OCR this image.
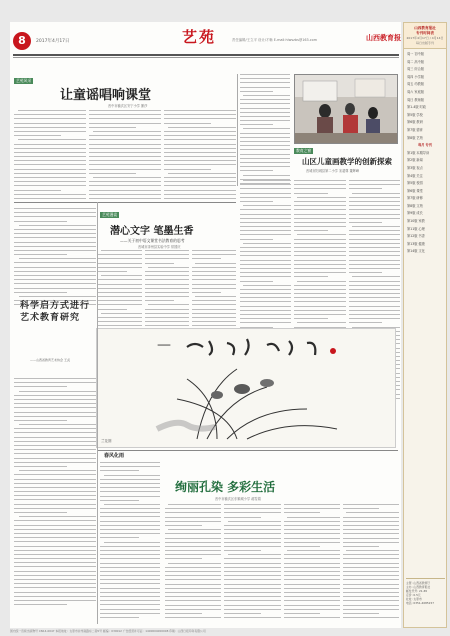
8	2017年4月17日	艺苑	责任编辑/王立平 设计/才畅 E-mail:hlwszbs@163.com	山西教育报
艺苑风采
让童谣唱响课堂
晋中市榆次区安宁小学 暴莎
教育之窗
山区儿童画教学的创新探索
晋城市阳城县第二小学 宋超尊 董辉峰
艺苑漫谈
潜心文字 笔墨生香
——关于初中语文课堂书法教育的思考
晋城市泽州县实验中学 常国庆
科学启方式进行艺术教育研究
——山西省教育艺术协会 王贞
—
兰花图
春风化雨
绚丽孔染 多彩生活
晋中市榆次区东顺城小学 郝雪娟
山西教育报社
专刊时间表
2017年4月17日 / 4月14日
每日出版专刊
周一 初中版
周二 高中版
周三 综合版
周四 小学版
周五 幼教版
周六 家庭版
周日 教师版
第1-4版 时政
第5版 学校
第6版 教研
第7版 德育
第8版 艺苑
每月 专刊
第1版 本期导读
第2版 新闻
第3版 视点
第4版 关注
第5版 校园
第6版 课堂
第7版 研修
第8版 文苑
第9版 成长
第10版 家教
第11版 心理
第12版 书香
第13版 健康
第14版 文化
主管: 山西省教育厅
主办: 山西教育报社
邮发代号: 21-65
定价: 0.5元
社址: 太原市
电话: 0351-4085157
国内统一连续出版物号 CN14-0047 本报地址：太原市并州南路东二巷5号 邮编：030012 广告经营许可证：1400004000008 印刷：山西日报印务有限公司
